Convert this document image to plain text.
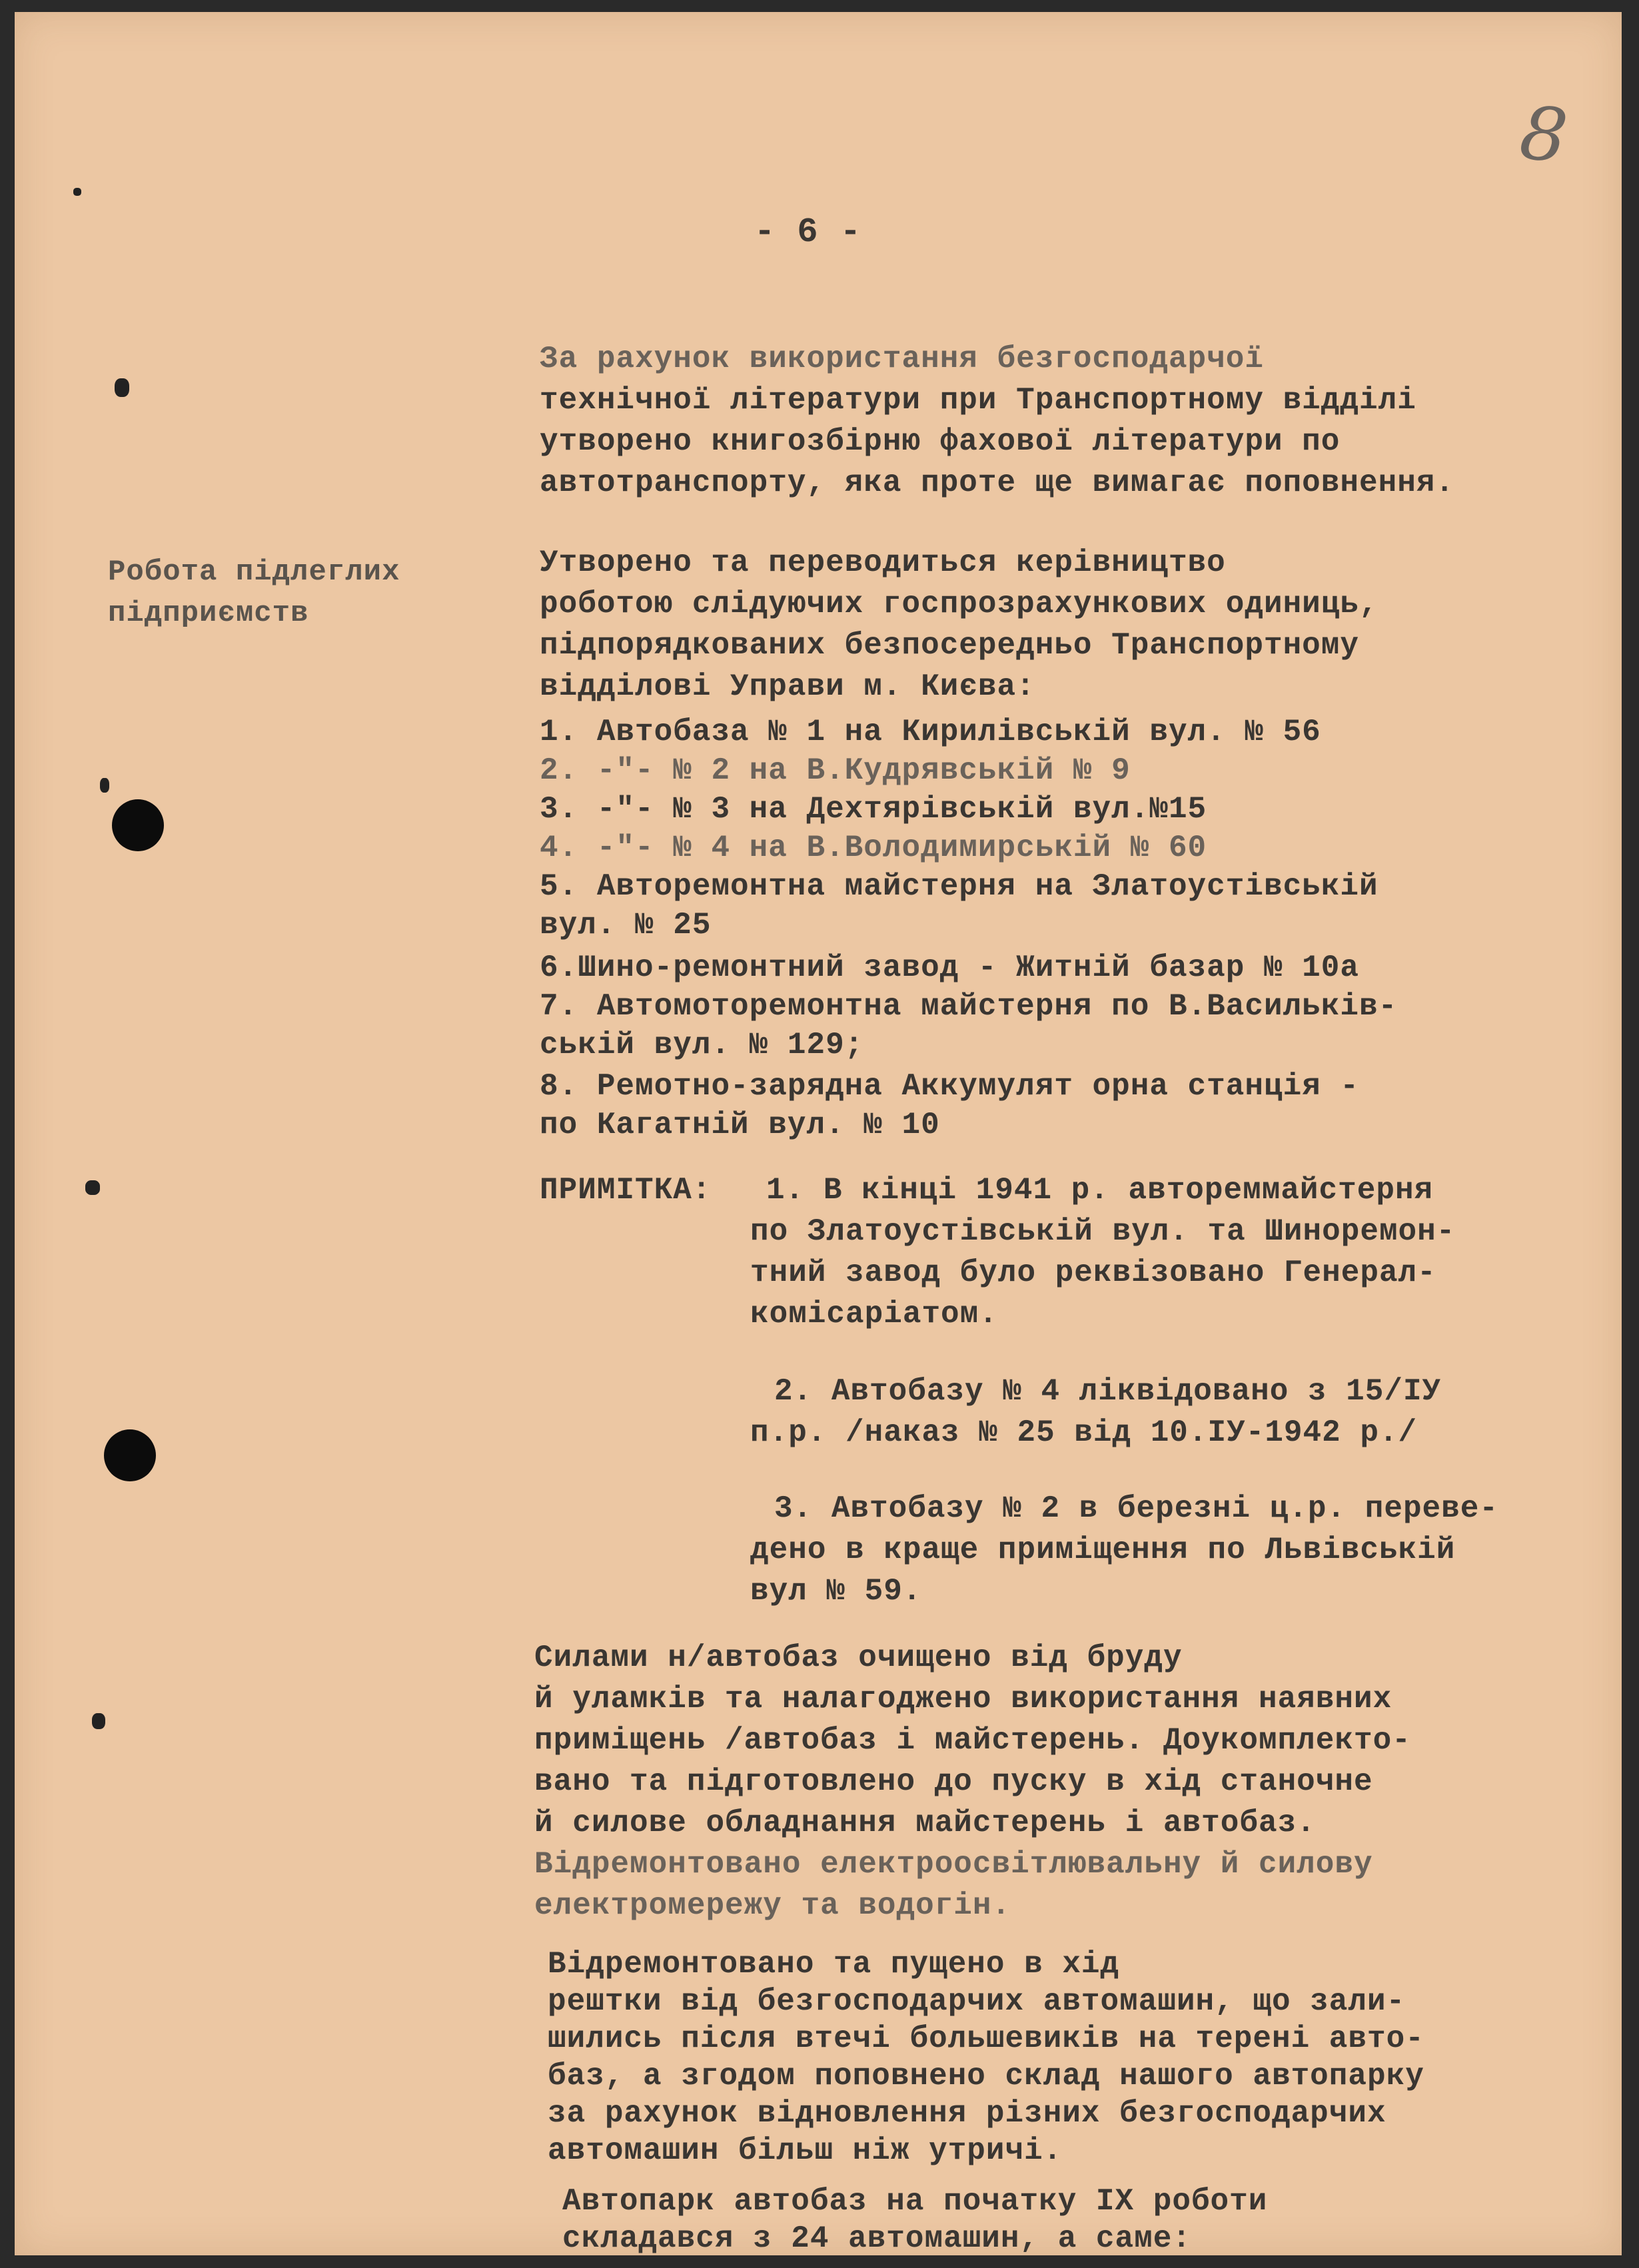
8
- 6 -
За рахунок використання безгосподарчої
технічної літератури при Транспортному відділі
утворено книгозбірню фахової літератури по
автотранспорту, яка проте ще вимагає поповнення.
Робота підлеглих
підприємств
Утворено та переводиться керівництво
роботою слідуючих госпрозрахункових одиниць,
підпорядкованих безпосередньо Транспортному
відділові Управи м. Києва:
1. Автобаза № 1 на Кирилівській вул. № 56
2. -"- № 2 на В.Кудрявській № 9
3. -"- № 3 на Дехтярівській вул.№15
4. -"- № 4 на В.Володимирській № 60
5. Авторемонтна майстерня на Златоустівській
вул. № 25
6.Шино-ремонтний завод - Житній базар № 10а
7. Автомоторемонтна майстерня по В.Васильків-
ській вул. № 129;
8. Ремотно-зарядна Аккумулят орна станція -
по Кагатній вул. № 10
ПРИМІТКА: 1. В кінці 1941 р. автореммайстерня
по Златоустівській вул. та Шиноремон-
тний завод було реквізовано Генерал-
комісаріатом.
2. Автобазу № 4 ліквідовано з 15/ІУ
п.р. /наказ № 25 від 10.ІУ-1942 р./
3. Автобазу № 2 в березні ц.р. переве-
дено в краще приміщення по Львівській
вул № 59.
Силами н/автобаз очищено від бруду
й уламків та налагоджено використання наявних
приміщень /автобаз і майстерень. Доукомплекто-
вано та підготовлено до пуску в хід станочне
й силове обладнання майстерень і автобаз.
Відремонтовано електроосвітлювальну й силову
електромережу та водогін.
Відремонтовано та пущено в хід
рештки від безгосподарчих автомашин, що зали-
шились після втечі большевиків на терені авто-
баз, а згодом поповнено склад нашого автопарку
за рахунок відновлення різних безгосподарчих
автомашин більш ніж утричі.
Автопарк автобаз на початку ІХ роботи
складався з 24 автомашин, а саме:
